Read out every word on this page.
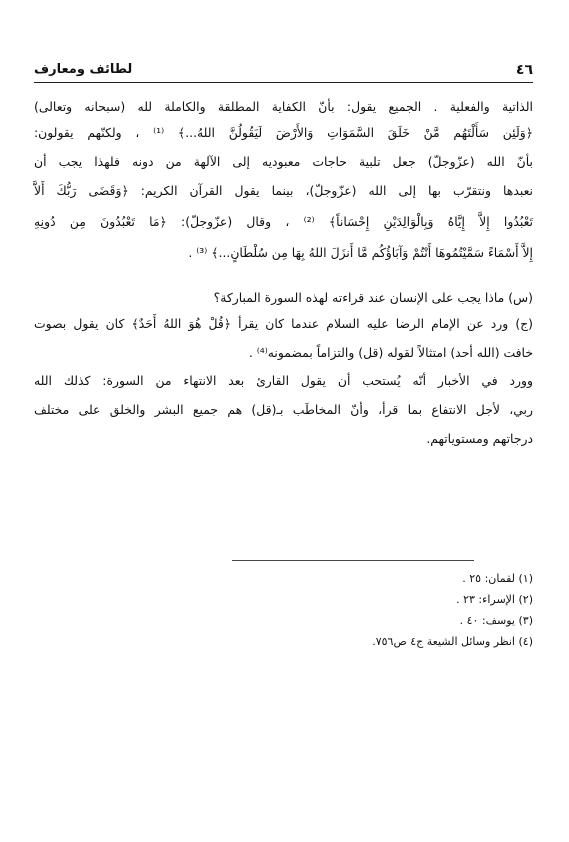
لطائف ومعارف	٤٦
الذاتية والفعلية . الجميع يقول: بأنّ الكفاية المطلقة والكاملة لله (سبحانه وتعالى)
﴿وَلَئِن سَأَلْتَهُم مَّنْ خَلَقَ السَّمَوَاتِ وَالأَرْضَ لَيَقُولُنَّ اللهُ...﴾ ⁽¹⁾ ، ولكنّهم يقولون:
بأنّ الله (عزّوجلّ) جعل تلبية حاجات معبوديه إلى الآلهة من دونه فلهذا يجب أن
نعبدها ونتقرّب بها إلى الله (عزّوجلّ)، بينما يقول القرآن الكريم: ﴿وَقَضَى رَبُّكَ أَلاَّ
تَعْبُدُوا إِلاَّ إِيَّاهُ وَبِالْوَالِدَيْنِ إِحْسَاناً﴾ ⁽²⁾ ، وقال (عزّوجلّ): ﴿مَا تَعْبُدُونَ مِن دُونِهِ
إِلاَّ أَسْمَاءً سَمَّيْتُمُوهَا أَنْتُمْ وَآبَاؤُكُم مَّا أَنزَلَ اللهُ بِهَا مِن سُلْطَانٍ...﴾ ⁽³⁾ .
(س) ماذا يجب على الإنسان عند قراءته لهذه السورة المباركة؟
(ج) ورد عن الإمام الرضا عليه السلام عندما كان يقرأ ﴿قُلْ هُوَ اللهُ أَحَدٌ﴾ كان يقول بصوت
خافت (الله أحد) امتثالاً لقوله (قل) والتزاماً بمضمونه⁽⁴⁾ .
وورد في الأخبار أنّه يُستحب أن يقول القارئ بعد الانتهاء من السورة: كذلك الله
ربي، لأجل الانتفاع بما قرأ، وأنّ المخاطَب بـ(قل) هم جميع البشر والخلق على مختلف
درجاتهم ومستوياتهم.
(١) لقمان: ٢٥ .
(٢) الإسراء: ٢٣ .
(٣) يوسف: ٤٠ .
(٤) انظر وسائل الشيعة ج٤ ص٧٥٦.
